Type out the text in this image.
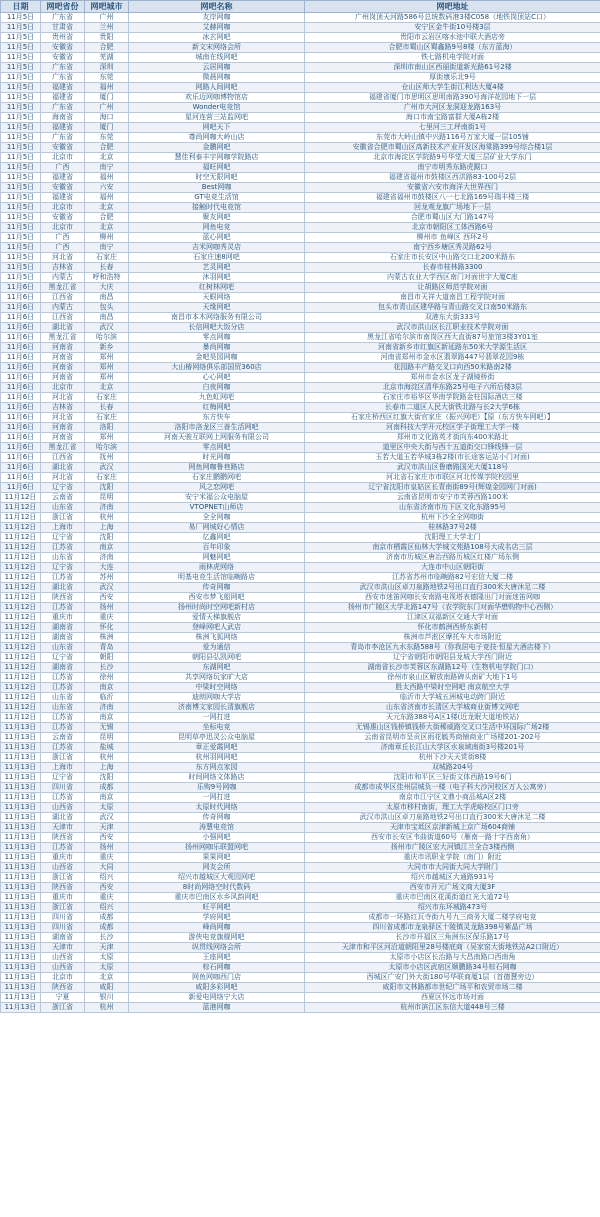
日期	网吧省份	网吧城市	网吧名称	网吧地址
11月5日	广东省	广州	友岸网咖	广州岗顶天河路586号总统数码港3楼C058（地铁岗顶站C口）
11月5日	甘肃省	兰州	艾赫网咖	安宁区金牛街10号楼3层
11月5日	贵州省	贵阳	冰玄网吧	贵阳市云岩区喀水池中联大酒店旁
11月5日	安徽省	合肥	新文宋网络会所	合肥市蜀山区蜀鑫路9号8楼（东方蓝海）
11月5日	安徽省	芜湖	城南在线网吧	铁七路机电学院对面
11月5日	广东省	深圳	云居网咖	深圳市南山区西丽街道新光路61号2楼
11月5日	广东省	东莞	微晨网咖	厚街康乐北9号
11月5日	福建省	福州	网路人间网吧	仓山区师大学生街江利达大厦4楼
11月5日	福建省	厦门	欢乐迈网咖博物馆店	福建省厦门市思明区思明南路390号海洋花园地下一层
11月5日	广东省	广州	Wonder电竞馆	广州市大河区龙洞迎龙路163号
11月5日	海南省	海口	星河连营三站监网吧	海口市南宝路富群大厦A栋2楼
11月5日	福建省	厦门	网吧天下	七里河三工坪南街1号
11月5日	广东省	东莞	尊尚网咖大岭山店	东莞市大岭山镇中兴路116号万家大厦一层105铺
11月5日	安徽省	合肥	金鹏网吧	安徽省合肥市蜀山区高新技术产业开发区海棠路399号综合楼1层
11月5日	北京市	北京	慧佳利泰丰宇网咖学院路店	北京市海淀区学院路9号华堂大厦三层矿业大学东门
11月5日	广西	南宁	福旺网吧	南宁市明秀东路虎踞口
11月5日	福建省	福州	时空无限网吧	福建省福州市鼓楼区西洪路83-100号2层
11月5日	安徽省	六安	Best网咖	安徽省六安市海洋大世界西门
11月5日	福建省	福州	GT电竞生活馆	福建省福州市鼓楼区八一七北路169号瑞丰楼三楼
11月5日	北京市	北京	接触时代电竞馆	回龙观龙旗广场地下一层
11月5日	安徽省	合肥	聚友网吧	合肥市蜀山区大门路147号
11月5日	北京市	北京	网鱼电竞	北京市朝阳区工体西路6号
11月5日	广西	柳州	蓝心网吧	柳州市 鱼峰区 西环2号
11月5日	广西	南宁	吉米网咖秀灵店	南宁西乡塘区秀灵路62号
11月5日	河北省	石家庄	石家庄速8网吧	石家庄市长安区中山路交口北200米路东
11月5日	吉林省	长春	艺灵网吧	长春市桂林路3300
11月5日	内蒙古	呼和浩特	沐羽网吧	内蒙古农业大学西区南门对面世宇大厦C座
11月6日	黑龙江省	大庆	红树林网吧	让胡路区师范学院对面
11月6日	江西省	南昌	天眼网络	南昌市天祥大道南昌工程学院对面
11月6日	内蒙古	包头	天缘网吧	包头市青山区建华路与青山路交叉口南50米路东
11月6日	江西省	南昌	南昌市本木网络服务有限公司	双港东大街333号
11月6日	湖北省	武汉	长信网吧大饭分店	武汉市洪山区长江职业技术学院对面
11月6日	黑龙江省	哈尔滨	零点网咖	黑龙江省哈尔滨市南岗区西大直街87号旅馆3楼3Y01室
11月6日	河南省	新乡	暴尚网咖	河南省新乡市红旗区新延路东50米大学源生活区
11月6日	河南省	郑州	金吧昊园网咖	河南省郑州市金水区翡翠路447号翡翠花园9栋
11月6日	河南省	郑州	大山椿网络俱乐部国贸360店	花园路丰产路交叉口向西50米路南2楼
11月6日	河南省	郑州	心心网吧	郑州市金水区龙子湖镜桥街
11月6日	北京市	北京	白夜网咖	北京市海淀区清华东路25号电子六所后楼3层
11月6日	河北省	石家庄	九色虹网吧	石家庄市裕华区华南学院路金柱国际酒店三楼
11月6日	吉林省	长春	红梅网吧	长春市二道区人民大街铁北路与长2大学6栋
11月6日	河北省	石家庄	东方快车	石家庄桥西区红旗大街官家庄（振兴网吧）【原（东方快车网吧）】
11月6日	河南省	洛阳	洛阳市洛龙区三善生活网吧	河南科技大学开元校区学子街理工大学一楼
11月6日	河南省	郑州	河南天骏互联网上网服务有限公司	郑州市文化路英才街向东400米路北
11月6日	黑龙江省	哈尔滨	零点网吧	道里区中央大街与西十五道街交口锋线锋一层
11月6日	江西省	抚州	时光网咖	玉若大道玉若华城3栋2楼(市长途客运站小门对面)
11月6日	湖北省	武汉	网鱼网咖鲁巷路店	武汉市洪山区鲁磨路国光大厦118号
11月6日	河北省	石家庄	石家庄鹏鹏网吧	河北省石家庄市市联区河北传媒学院校园里
11月6日	辽宁省	沈阳	风之恋网吧	辽宁省沈阳市皇姑区长青南街89号(辉煌金园网门对面)
11月12日	云南省	昆明	安宁米福公众电脑屋	云南省昆明市安宁市芙蓉西路100米
11月12日	山东省	济南	VTOPNET山师店	山东省济南市历下区文化东路95号
11月12日	浙江省	杭州	全全网咖	杭州下沙全全网咖街
11月12日	上海市	上海	易厂网城好心情店	桂林路37号2楼
11月12日	辽宁省	沈阳	亿鑫网吧	沈阳理工大学北门
11月12日	江苏省	南京	百年印象	南京市栖霞区仙林大学城文苑路108号大成名店三层
11月12日	山东省	济南	网魅网吧	济南市历城区唐冶西路历城区红楼广场东侧
11月12日	辽宁省	大连	雨林虎网络	大连市中山区朝阳街
11月12日	江苏省	苏州	明基电竞生活馆临畹路店	江苏省苏州市临畹路82号宏信大厦二楼
11月12日	湖北省	武汉	传奇网咖	武汉市洪山区卓刀泉路地铁2号出口直行300米大唐沐足二楼
11月12日	陕西省	西安	西安市梦飞船网吧	西安市迷笛网咖长安南路电视塔表德隆出门对面迷笛网咖
11月12日	江苏省	扬州	扬州时尚时空网吧新村店	扬州市广陵区大学北路147号（农学院东门对面华懋购物中心西侧）
11月12日	重庆市	重庆	爱情天梯旗舰店	江津区双福新区交通大学对面
11月12日	湖南省	怀化	登峰网吧人武店	怀化市鹤洲西桥东新村
11月12日	湖南省	株洲	株洲飞狐网络	株洲市芦淞区摩托车大市场附近
11月12日	山东省	青岛	爱为通信	青岛市李沧区九水东路588号（你我居电子竞技·恒星大酒店楼下）
11月12日	辽宁省	朝阳	朝阳县弘凯网吧	辽宁省朝阳市朝阳县龙城大学西门附近
11月12日	湖南省	长沙	东湖网吧	湖南省长沙市芙蓉区东湖路12号（生物机电学院门口）
11月12日	江苏省	徐州	共享网络玩家旷大店	徐州市泉山区解放南路碑头南矿大地下1号
11月12日	江苏省	南京	中梁时空网络	胜太西路中梁时空网吧 南京航空大学
11月12日	山东省	临沂	迪朗网咖大学店	临沂市大学城五洲城电动跨门附近
11月12日	山东省	济南	济南博文家园长清旗舰店	山东省济南市长清区大学城商业街博文网吧
11月12日	江苏省	南京	一网打进	天元东路388号A区1楼(近龙眠大道地铁站)
11月13日	江苏省	无锡	坐标电竞	无锡惠山区钱桥镇钱桥大街稀威路交叉口生活中环国际广场2楼
11月13日	云南省	昆明	昆明草亭迅灵公众电脑屋	云南省昆明市呈贡区雨花毓秀商铺商业广场楼201-202号
11月13日	江苏省	盐城	章正爱霞网吧	济南章丘长江山大学区水泉域南街3号楼201号
11月13日	浙江省	杭州	杭州羽网网吧	杭州下沙天天赏街8楼
11月13日	上海市	上海	东方网点家园	双城路204号
11月13日	辽宁省	沈阳	时间网络文体路店	沈阳市和平区三好街文体西路19号6门
11月13日	四川省	成都	乐购9号网咖	成都市成华区佳州层城负一楼（电子科大沙河校区万人公寓旁）
11月13日	江苏省	南京	一网打进	南京市江宁区文鼎小商品城A区2楼
11月13日	山西省	太原	太原时代网络	太原市移村南街，理工大学虎峪校区门口旁
11月13日	湖北省	武汉	传奇网咖	武汉市洪山区卓刀泉路地铁2号出口直行300米大唐沐足二楼
11月13日	天津市	天津	涛慧电竞馆	天津市宝坻区京津新城上京广场604商铺
11月13日	陕西省	西安	小强网吧	西安市长安区韦曲街道60号（雁南一路十字西南角）
11月13日	江苏省	扬州	扬州网咖乐联盟网吧	扬州市广陵区宏大河镇江兰全合3楼西侧
11月13日	重庆市	重庆	果果网吧	重庆市讯职业学院（南门）附近
11月13日	山西省	大同	网友会所	大同市市大同街大同大学附门
11月13日	浙江省	绍兴	绍兴市越城区大观园网吧	绍兴市越城区大通路931号
11月13日	陕西省	西安	8时尚网络空时代数码	西安市开元广场文商大厦3F
11月13日	重庆市	重庆	重庆市巴南区水乡风韵网吧	重庆市巴南区花溪街道红光大道72号
11月13日	浙江省	绍兴	旺平网吧	绍兴市东环城路473号
11月13日	四川省	成都	学府网吧	成都市一环路红瓦寺街九号九三商务大厦二楼学府电竞
11月13日	四川省	成都	峰尚网咖	四川省成都市龙泉驿区十陵镇灵龙路398号紫晶广场
11月13日	湖南省	长沙	游侠电竞旗舰网吧	长沙市开福区三角洲东区保乐路17号
11月13日	天津市	天津	纵贯线网络会所	天津市和平区河沿道朝阳里28号楼底商（吴家窑大街地铁站A2口附近）
11月13日	山西省	太原	王座网吧	太原市小店区长治路与大昌南路口西南角
11月13日	山西省	太原	棕石网咖	太原市小店区武宿区顺鹏路34号棕石网咖
11月13日	北京市	北京	网鱼网咖西门店	西城区广安门外大街180号华联商厦1层（首德慧旁边）
11月13日	陕西省	咸阳	咸阳多彩网吧	咸阳市文林路都市世纪广场平和农贸市场二楼
11月13日	宁夏	银川	新爱电网络宁大店	西夏区怀远市场对面
11月13日	浙江省	杭州	蓝港网咖	杭州市滨江区东信大道448号三楼
